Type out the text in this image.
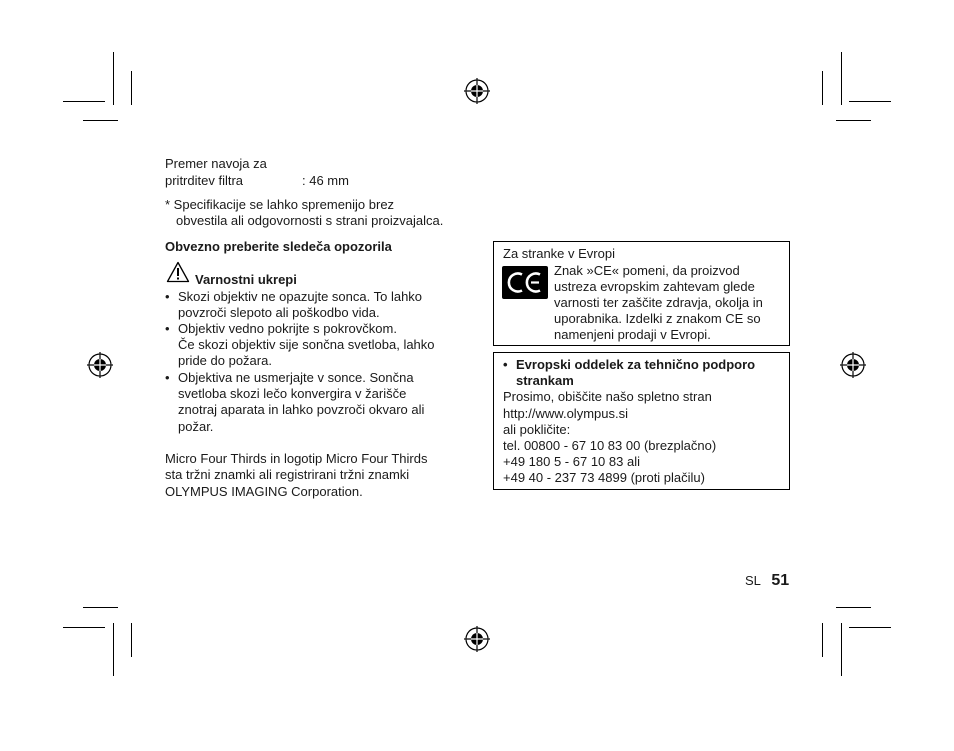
Premer navoja za
pritrditev filtra	: 46 mm
* Specifikacije se lahko spremenijo brez
obvestila ali odgovornosti s strani proizvajalca.
Obvezno preberite sledeča opozorila
Varnostni ukrepi
• Skozi objektiv ne opazujte sonca. To lahko
povzroči slepoto ali poškodbo vida.
• Objektiv vedno pokrijte s pokrovčkom.
Če skozi objektiv sije sončna svetloba, lahko
pride do požara.
• Objektiva ne usmerjajte v sonce. Sončna
svetloba skozi lečo konvergira v žarišče
znotraj aparata in lahko povzroči okvaro ali
požar.
Micro Four Thirds in logotip Micro Four Thirds
sta tržni znamki ali registrirani tržni znamki
OLYMPUS IMAGING Corporation.
Za stranke v Evropi
Znak »CE« pomeni, da proizvod
ustreza evropskim zahtevam glede
varnosti ter zaščite zdravja, okolja in
uporabnika. Izdelki z znakom CE so
namenjeni prodaji v Evropi.
• Evropski oddelek za tehnično podporo
strankam
Prosimo, obiščite našo spletno stran
http://www.olympus.si
ali pokličite:
tel. 00800 - 67 10 83 00 (brezplačno)
+49 180 5 - 67 10 83 ali
+49 40 - 237 73 4899 (proti plačilu)
SL 51
